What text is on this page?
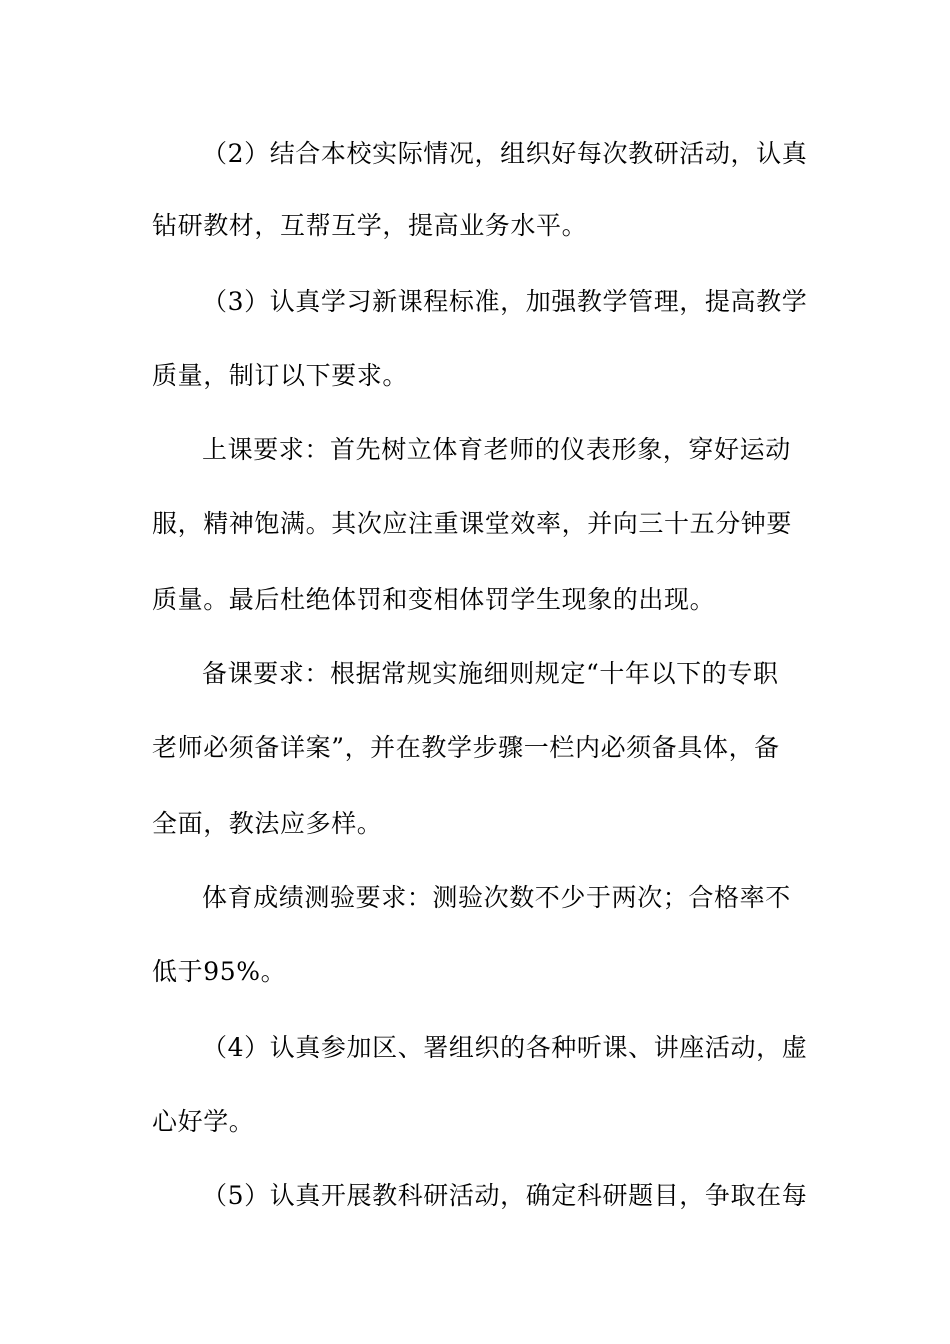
（2）结合本校实际情况，组织好每次教研活动，认真
钻研教材，互帮互学，提高业务水平。
（3）认真学习新课程标准，加强教学管理，提高教学
质量，制订以下要求。
上课要求：首先树立体育老师的仪表形象，穿好运动
服，精神饱满。其次应注重课堂效率，并向三十五分钟要
质量。最后杜绝体罚和变相体罚学生现象的出现。
备课要求：根据常规实施细则规定“十年以下的专职
老师必须备详案”，并在教学步骤一栏内必须备具体，备
全面，教法应多样。
体育成绩测验要求：测验次数不少于两次；合格率不
低于95%。
（4）认真参加区、署组织的各种听课、讲座活动，虚
心好学。
（5）认真开展教科研活动，确定科研题目，争取在每
